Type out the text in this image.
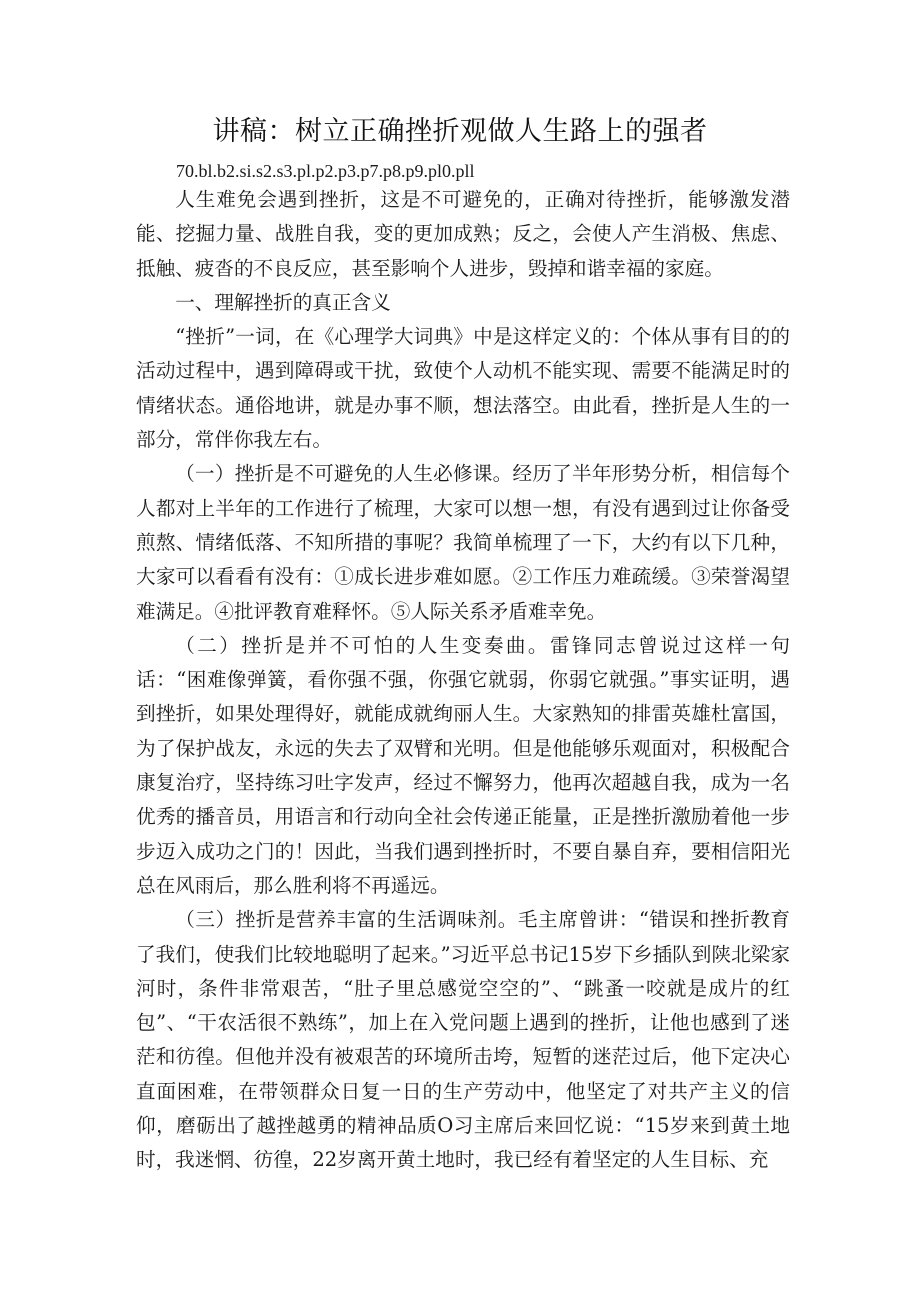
讲稿：树立正确挫折观做人生路上的强者
70.bl.b2.si.s2.s3.pl.p2.p3.p7.p8.p9.pl0.pll

人生难免会遇到挫折，这是不可避免的，正确对待挫折，能够激发潜能、挖掘力量、战胜自我，变的更加成熟；反之，会使人产生消极、焦虑、抵触、疲沓的不良反应，甚至影响个人进步，毁掉和谐幸福的家庭。

一、理解挫折的真正含义

“挫折”一词，在《心理学大词典》中是这样定义的：个体从事有目的的活动过程中，遇到障碍或干扰，致使个人动机不能实现、需要不能满足时的情绪状态。通俗地讲，就是办事不顺，想法落空。由此看，挫折是人生的一部分，常伴你我左右。

（一）挫折是不可避免的人生必修课。经历了半年形势分析，相信每个人都对上半年的工作进行了梳理，大家可以想一想，有没有遇到过让你备受煎熬、情绪低落、不知所措的事呢？我简单梳理了一下，大约有以下几种，大家可以看看有没有：①成长进步难如愿。②工作压力难疏缓。③荣誉渴望难满足。④批评教育难释怀。⑤人际关系矛盾难幸免。

（二）挫折是并不可怕的人生变奏曲。雷锋同志曾说过这样一句话：“困难像弹簧，看你强不强，你强它就弱，你弱它就强。”事实证明，遇到挫折，如果处理得好，就能成就绚丽人生。大家熟知的排雷英雄杜富国，为了保护战友，永远的失去了双臂和光明。但是他能够乐观面对，积极配合康复治疗，坚持练习吐字发声，经过不懈努力，他再次超越自我，成为一名优秀的播音员，用语言和行动向全社会传递正能量，正是挫折激励着他一步步迈入成功之门的！因此，当我们遇到挫折时，不要自暴自弃，要相信阳光总在风雨后，那么胜利将不再遥远。

（三）挫折是营养丰富的生活调味剂。毛主席曾讲：“错误和挫折教育了我们，使我们比较地聪明了起来。”习近平总书记15岁下乡插队到陕北梁家河时，条件非常艰苦，“肚子里总感觉空空的”、“跳蚤一咬就是成片的红包”、“干农活很不熟练”，加上在入党问题上遇到的挫折，让他也感到了迷茫和彷徨。但他并没有被艰苦的环境所击垮，短暂的迷茫过后，他下定决心直面困难，在带领群众日复一日的生产劳动中，他坚定了对共产主义的信仰，磨砺出了越挫越勇的精神品质O习主席后来回忆说：“15岁来到黄土地时，我迷惘、彷徨，22岁离开黄土地时，我已经有着坚定的人生目标、充
